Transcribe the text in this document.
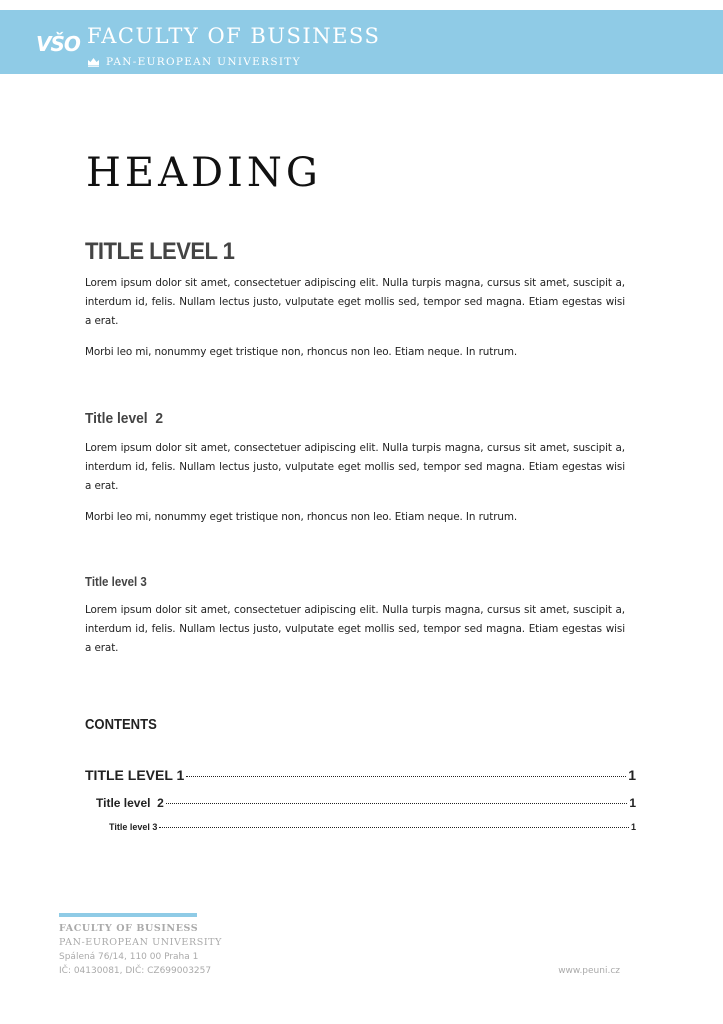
VŠO FACULTY OF BUSINESS
PAN-EUROPEAN UNIVERSITY
HEADING
TITLE LEVEL 1

Lorem ipsum dolor sit amet, consectetuer adipiscing elit. Nulla turpis magna, cursus sit amet, suscipit a, interdum id, felis. Nullam lectus justo, vulputate eget mollis sed, tempor sed magna. Etiam egestas wisi a erat.

Morbi leo mi, nonummy eget tristique non, rhoncus non leo. Etiam neque. In rutrum.

Title level  2

Lorem ipsum dolor sit amet, consectetuer adipiscing elit. Nulla turpis magna, cursus sit amet, suscipit a, interdum id, felis. Nullam lectus justo, vulputate eget mollis sed, tempor sed magna. Etiam egestas wisi a erat.

Morbi leo mi, nonummy eget tristique non, rhoncus non leo. Etiam neque. In rutrum.

Title level 3

Lorem ipsum dolor sit amet, consectetuer adipiscing elit. Nulla turpis magna, cursus sit amet, suscipit a, interdum id, felis. Nullam lectus justo, vulputate eget mollis sed, tempor sed magna. Etiam egestas wisi a erat.

CONTENTS
TITLE LEVEL 1	1
Title level  2	1
Title level 3	1
FACULTY OF BUSINESS
PAN-EUROPEAN UNIVERSITY
Spálená 76/14, 110 00 Praha 1
IČ: 04130081, DIČ: CZ699003257	www.peuni.cz
